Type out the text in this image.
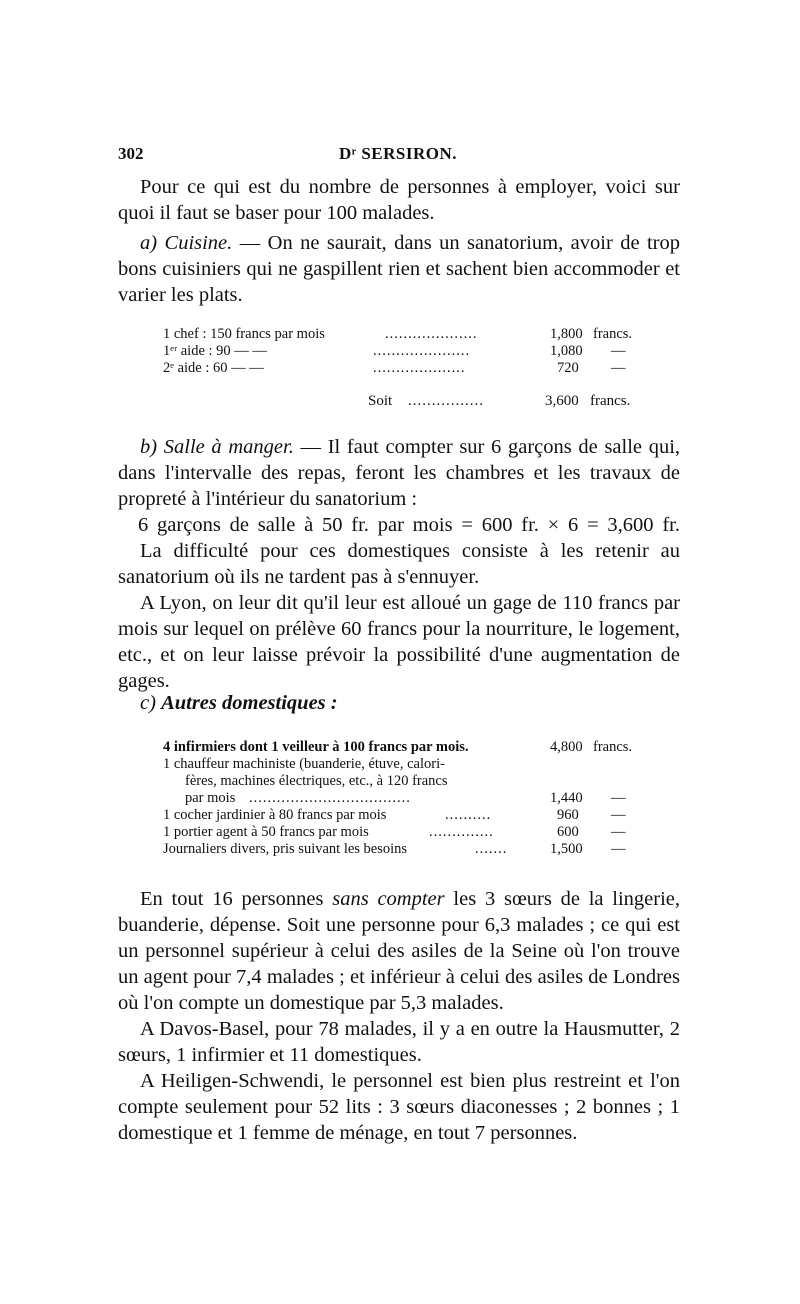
302	Dʳ SERSIRON.

Pour ce qui est du nombre de personnes à employer, voici sur quoi il faut se baser pour 100 malades.

a) Cuisine. — On ne saurait, dans un sanatorium, avoir de trop bons cuisiniers qui ne gaspillent rien et sachent bien accommoder et varier les plats.

1 chef : 150 francs par mois	....................	1,800 francs.
1ᵉʳ aide : 90 — —	.....................	1,080 —
2ᵉ aide : 60 — —	....................	720 —
Soit ................	3,600 francs.

b) Salle à manger. — Il faut compter sur 6 garçons de salle qui, dans l'intervalle des repas, feront les chambres et les travaux de propreté à l'intérieur du sanatorium :

6 garçons de salle à 50 fr. par mois = 600 fr. × 6 = 3,600 fr.

La difficulté pour ces domestiques consiste à les retenir au sanatorium où ils ne tardent pas à s'ennuyer.

A Lyon, on leur dit qu'il leur est alloué un gage de 110 francs par mois sur lequel on prélève 60 francs pour la nourriture, le logement, etc., et on leur laisse prévoir la possibilité d'une augmentation de gages.

c) Autres domestiques :

4 infirmiers dont 1 veilleur à 100 francs par mois.	4,800 francs.
1 chauffeur machiniste (buanderie, étuve, calori-
fères, machines électriques, etc., à 120 francs
par mois ...................................	1,440 —
1 cocher jardinier à 80 francs par mois	..........	960 —
1 portier agent à 50 francs par mois	..............	600 —
Journaliers divers, pris suivant les besoins	.......	1,500 —

En tout 16 personnes sans compter les 3 sœurs de la lingerie, buanderie, dépense. Soit une personne pour 6,3 malades ; ce qui est un personnel supérieur à celui des asiles de la Seine où l'on trouve un agent pour 7,4 malades ; et inférieur à celui des asiles de Londres où l'on compte un domestique par 5,3 malades.

A Davos-Basel, pour 78 malades, il y a en outre la Hausmutter, 2 sœurs, 1 infirmier et 11 domestiques.

A Heiligen-Schwendi, le personnel est bien plus restreint et l'on compte seulement pour 52 lits : 3 sœurs diaconesses ; 2 bonnes ; 1 domestique et 1 femme de ménage, en tout 7 personnes.
